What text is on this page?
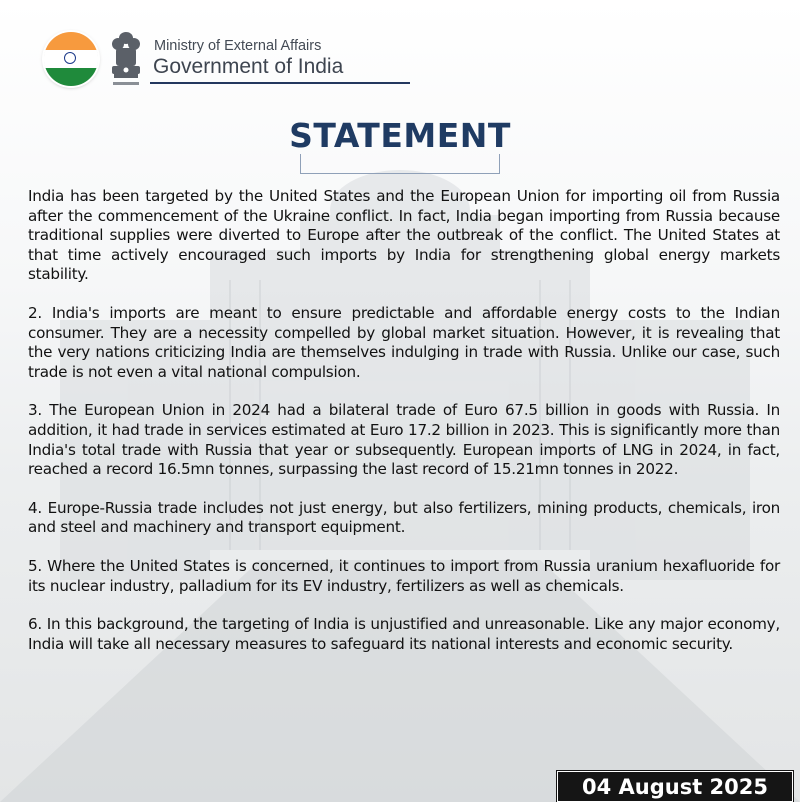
Ministry of External Affairs
Government of India
STATEMENT

India has been targeted by the United States and the European Union for importing oil from Russia after the commencement of the Ukraine conflict. In fact, India began importing from Russia because traditional supplies were diverted to Europe after the outbreak of the conflict. The United States at that time actively encouraged such imports by India for strengthening global energy markets stability.

2. India's imports are meant to ensure predictable and affordable energy costs to the Indian consumer. They are a necessity compelled by global market situation. However, it is revealing that the very nations criticizing India are themselves indulging in trade with Russia. Unlike our case, such trade is not even a vital national compulsion.

3. The European Union in 2024 had a bilateral trade of Euro 67.5 billion in goods with Russia. In addition, it had trade in services estimated at Euro 17.2 billion in 2023. This is significantly more than India's total trade with Russia that year or subsequently. European imports of LNG in 2024, in fact, reached a record 16.5mn tonnes, surpassing the last record of 15.21mn tonnes in 2022.

4. Europe-Russia trade includes not just energy, but also fertilizers, mining products, chemicals, iron and steel and machinery and transport equipment.

5. Where the United States is concerned, it continues to import from Russia uranium hexafluoride for its nuclear industry, palladium for its EV industry, fertilizers as well as chemicals.

6. In this background, the targeting of India is unjustified and unreasonable. Like any major economy, India will take all necessary measures to safeguard its national interests and economic security.

04 August 2025
